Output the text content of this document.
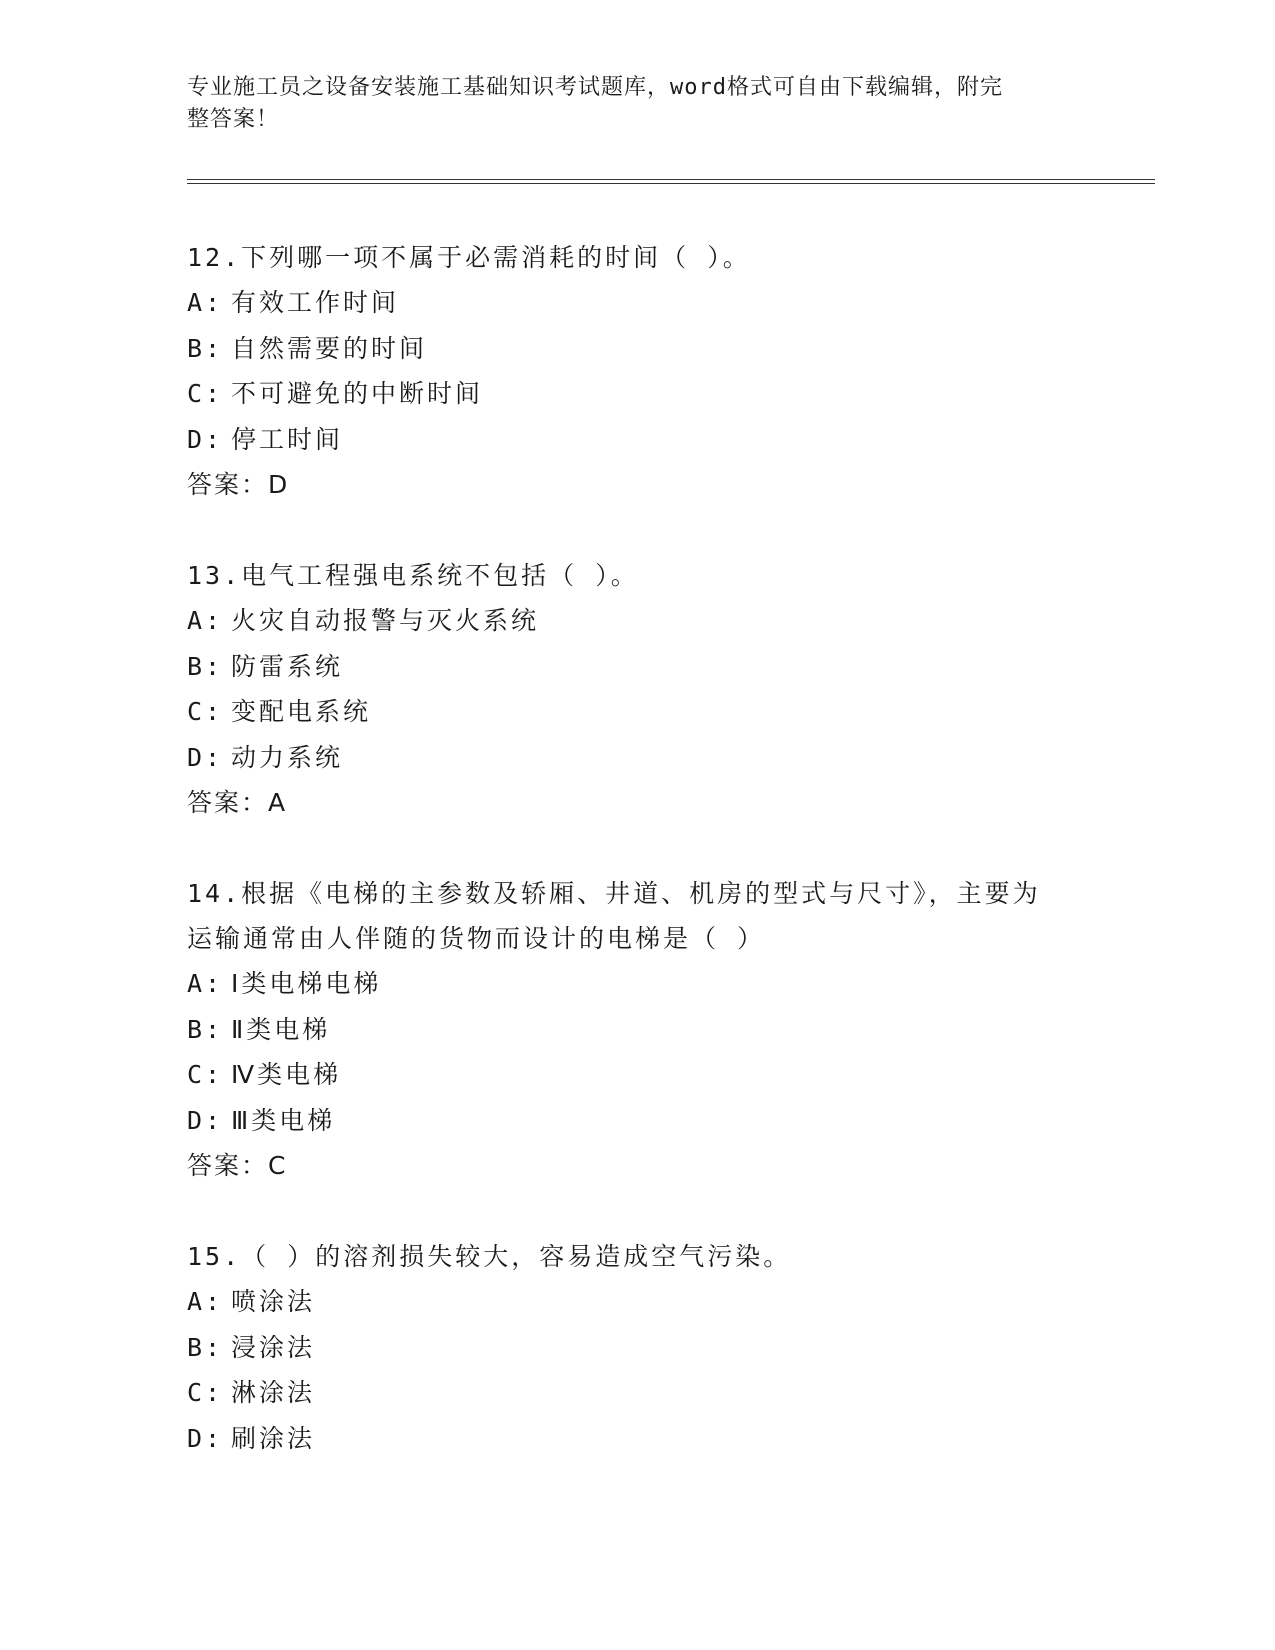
专业施工员之设备安装施工基础知识考试题库，word格式可自由下载编辑，附完
整答案！
12.下列哪一项不属于必需消耗的时间（ ）。
A: 有效工作时间
B: 自然需要的时间
C: 不可避免的中断时间
D: 停工时间
答案：D
13.电气工程强电系统不包括（ ）。
A: 火灾自动报警与灭火系统
B: 防雷系统
C: 变配电系统
D: 动力系统
答案：A
14.根据《电梯的主参数及轿厢、井道、机房的型式与尺寸》，主要为
运输通常由人伴随的货物而设计的电梯是（ ）
A: Ⅰ类电梯电梯
B: Ⅱ类电梯
C: Ⅳ类电梯
D: Ⅲ类电梯
答案：C
15.（ ）的溶剂损失较大，容易造成空气污染。
A: 喷涂法
B: 浸涂法
C: 淋涂法
D: 刷涂法
